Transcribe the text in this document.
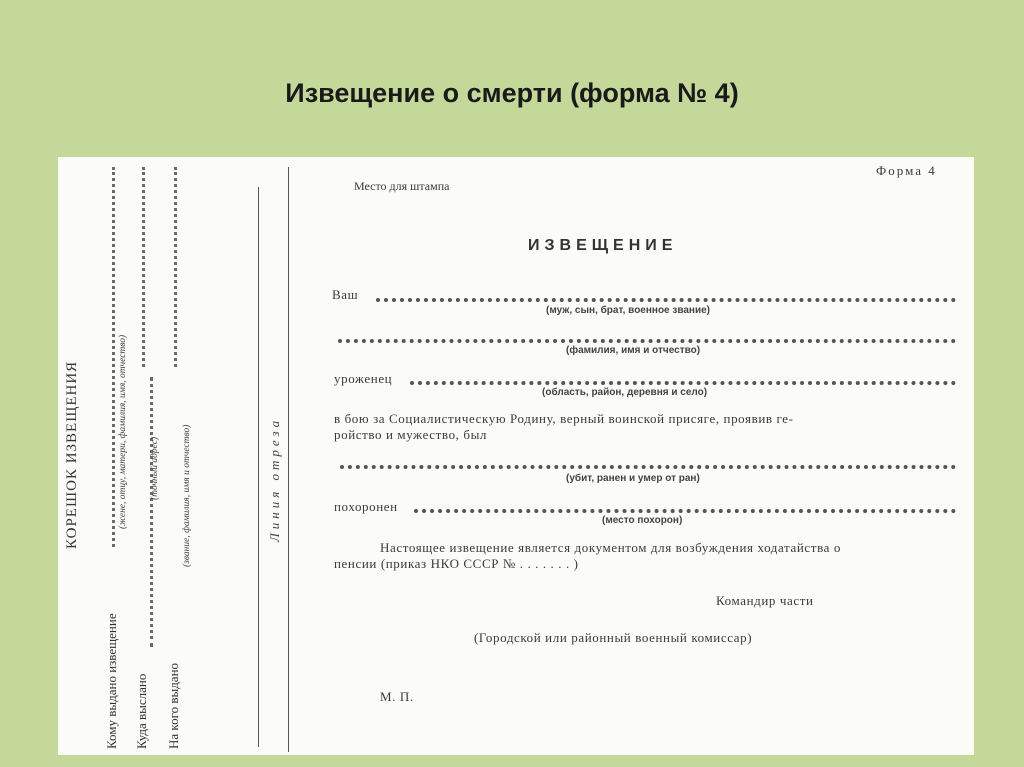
Извещение о смерти (форма № 4)
КОРЕШОК ИЗВЕЩЕНИЯ
Кому выдано извещение
(жене, отцу, матери, фамилия, имя, отчество)
Куда выслано
(точный адрес)
На кого выдано
(звание, фамилия, имя и отчество)	Линия отреза
Форма 4
Место для штампа
ИЗВЕЩЕНИЕ
Ваш
(муж, сын, брат, военное звание)
(фамилия, имя и отчество)
уроженец
(область, район, деревня и село)
в бою за Социалистическую Родину, верный воинской присяге, проявив ге-
ройство и мужество, был
(убит, ранен и умер от ран)
похоронен
(место похорон)
Настоящее извещение является документом для возбуждения ходатайства о
пенсии (приказ НКО СССР № . . . . . . . )
Командир части
(Городской или районный военный комиссар)
М. П.
